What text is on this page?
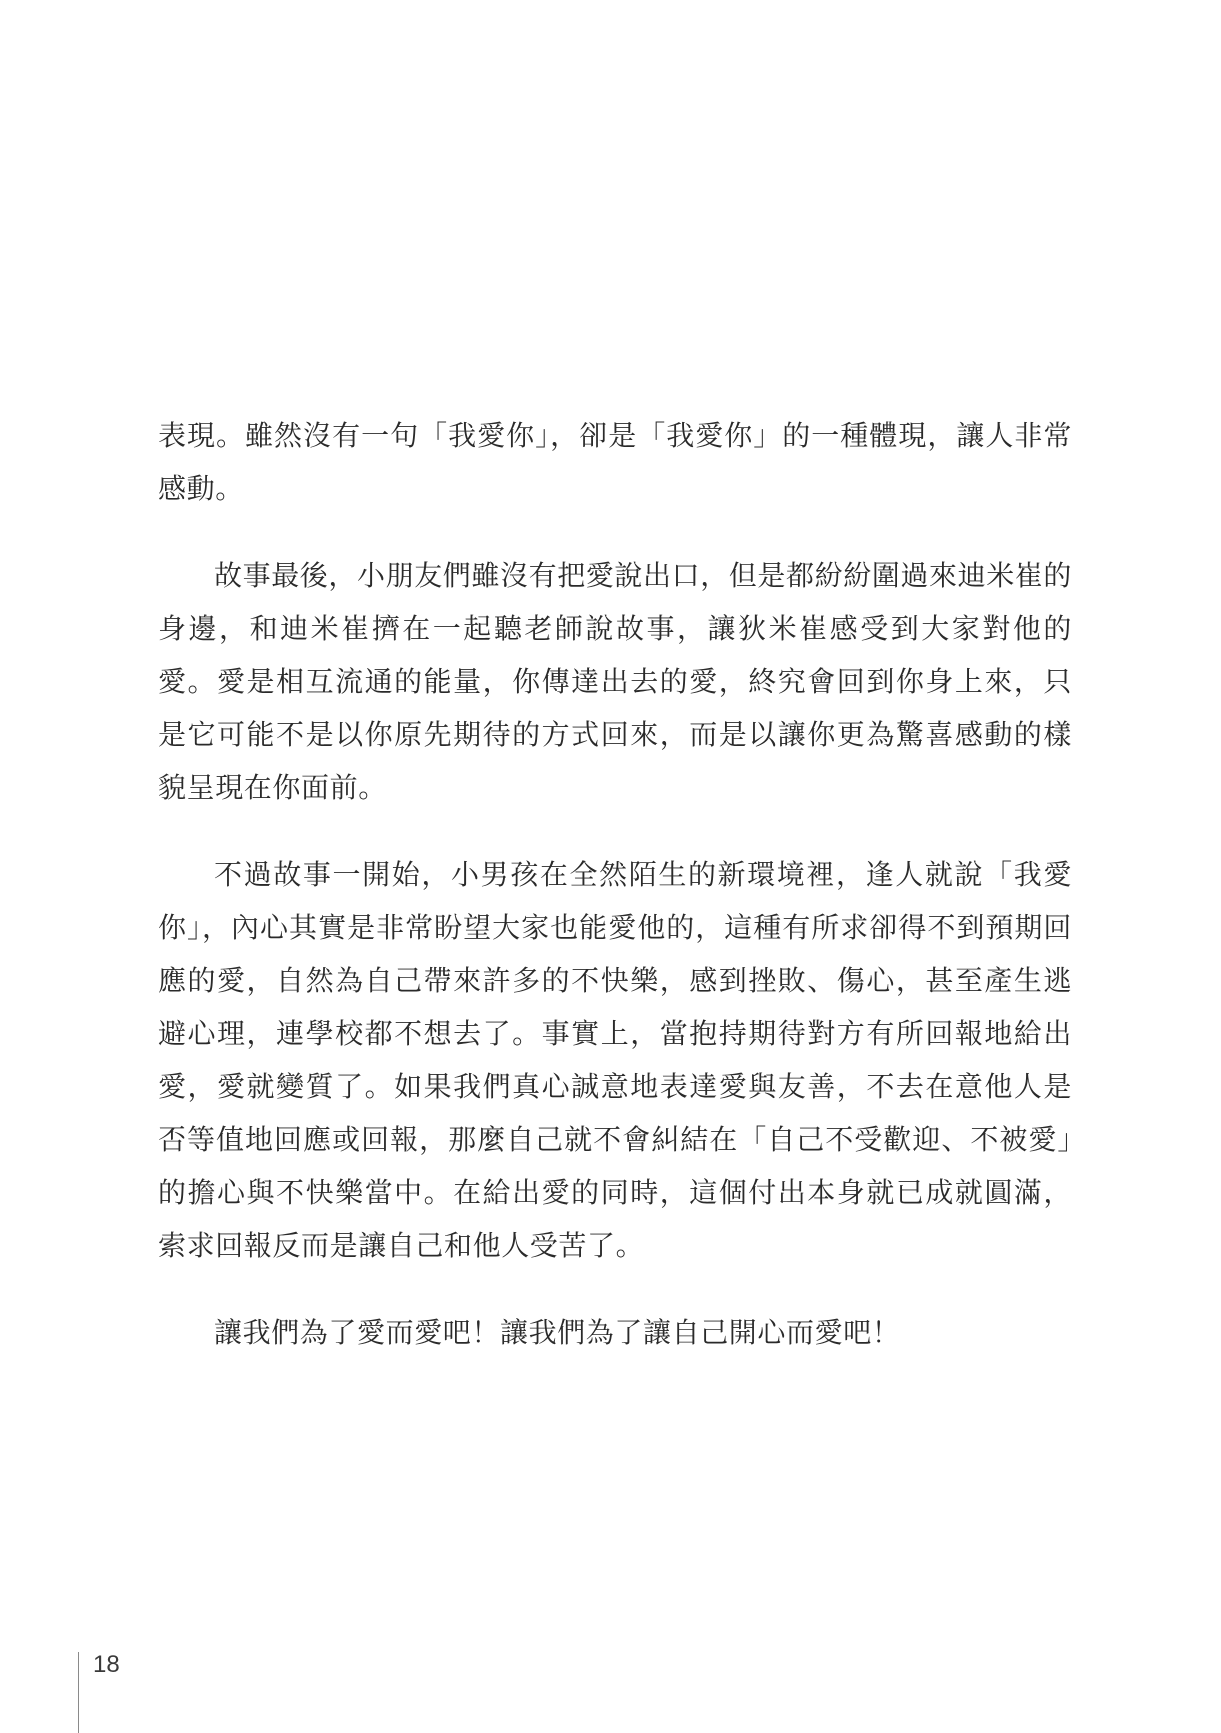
表現。雖然沒有一句「我愛你」，卻是「我愛你」的一種體現，讓人非常感動。

故事最後，小朋友們雖沒有把愛說出口，但是都紛紛圍過來迪米崔的身邊，和迪米崔擠在一起聽老師說故事，讓狄米崔感受到大家對他的愛。愛是相互流通的能量，你傳達出去的愛，終究會回到你身上來，只是它可能不是以你原先期待的方式回來，而是以讓你更為驚喜感動的樣貌呈現在你面前。

不過故事一開始，小男孩在全然陌生的新環境裡，逢人就說「我愛你」，內心其實是非常盼望大家也能愛他的，這種有所求卻得不到預期回應的愛，自然為自己帶來許多的不快樂，感到挫敗、傷心，甚至產生逃避心理，連學校都不想去了。事實上，當抱持期待對方有所回報地給出愛，愛就變質了。如果我們真心誠意地表達愛與友善，不去在意他人是否等值地回應或回報，那麼自己就不會糾結在「自己不受歡迎、不被愛」的擔心與不快樂當中。在給出愛的同時，這個付出本身就已成就圓滿，索求回報反而是讓自己和他人受苦了。

讓我們為了愛而愛吧！讓我們為了讓自己開心而愛吧！

18
